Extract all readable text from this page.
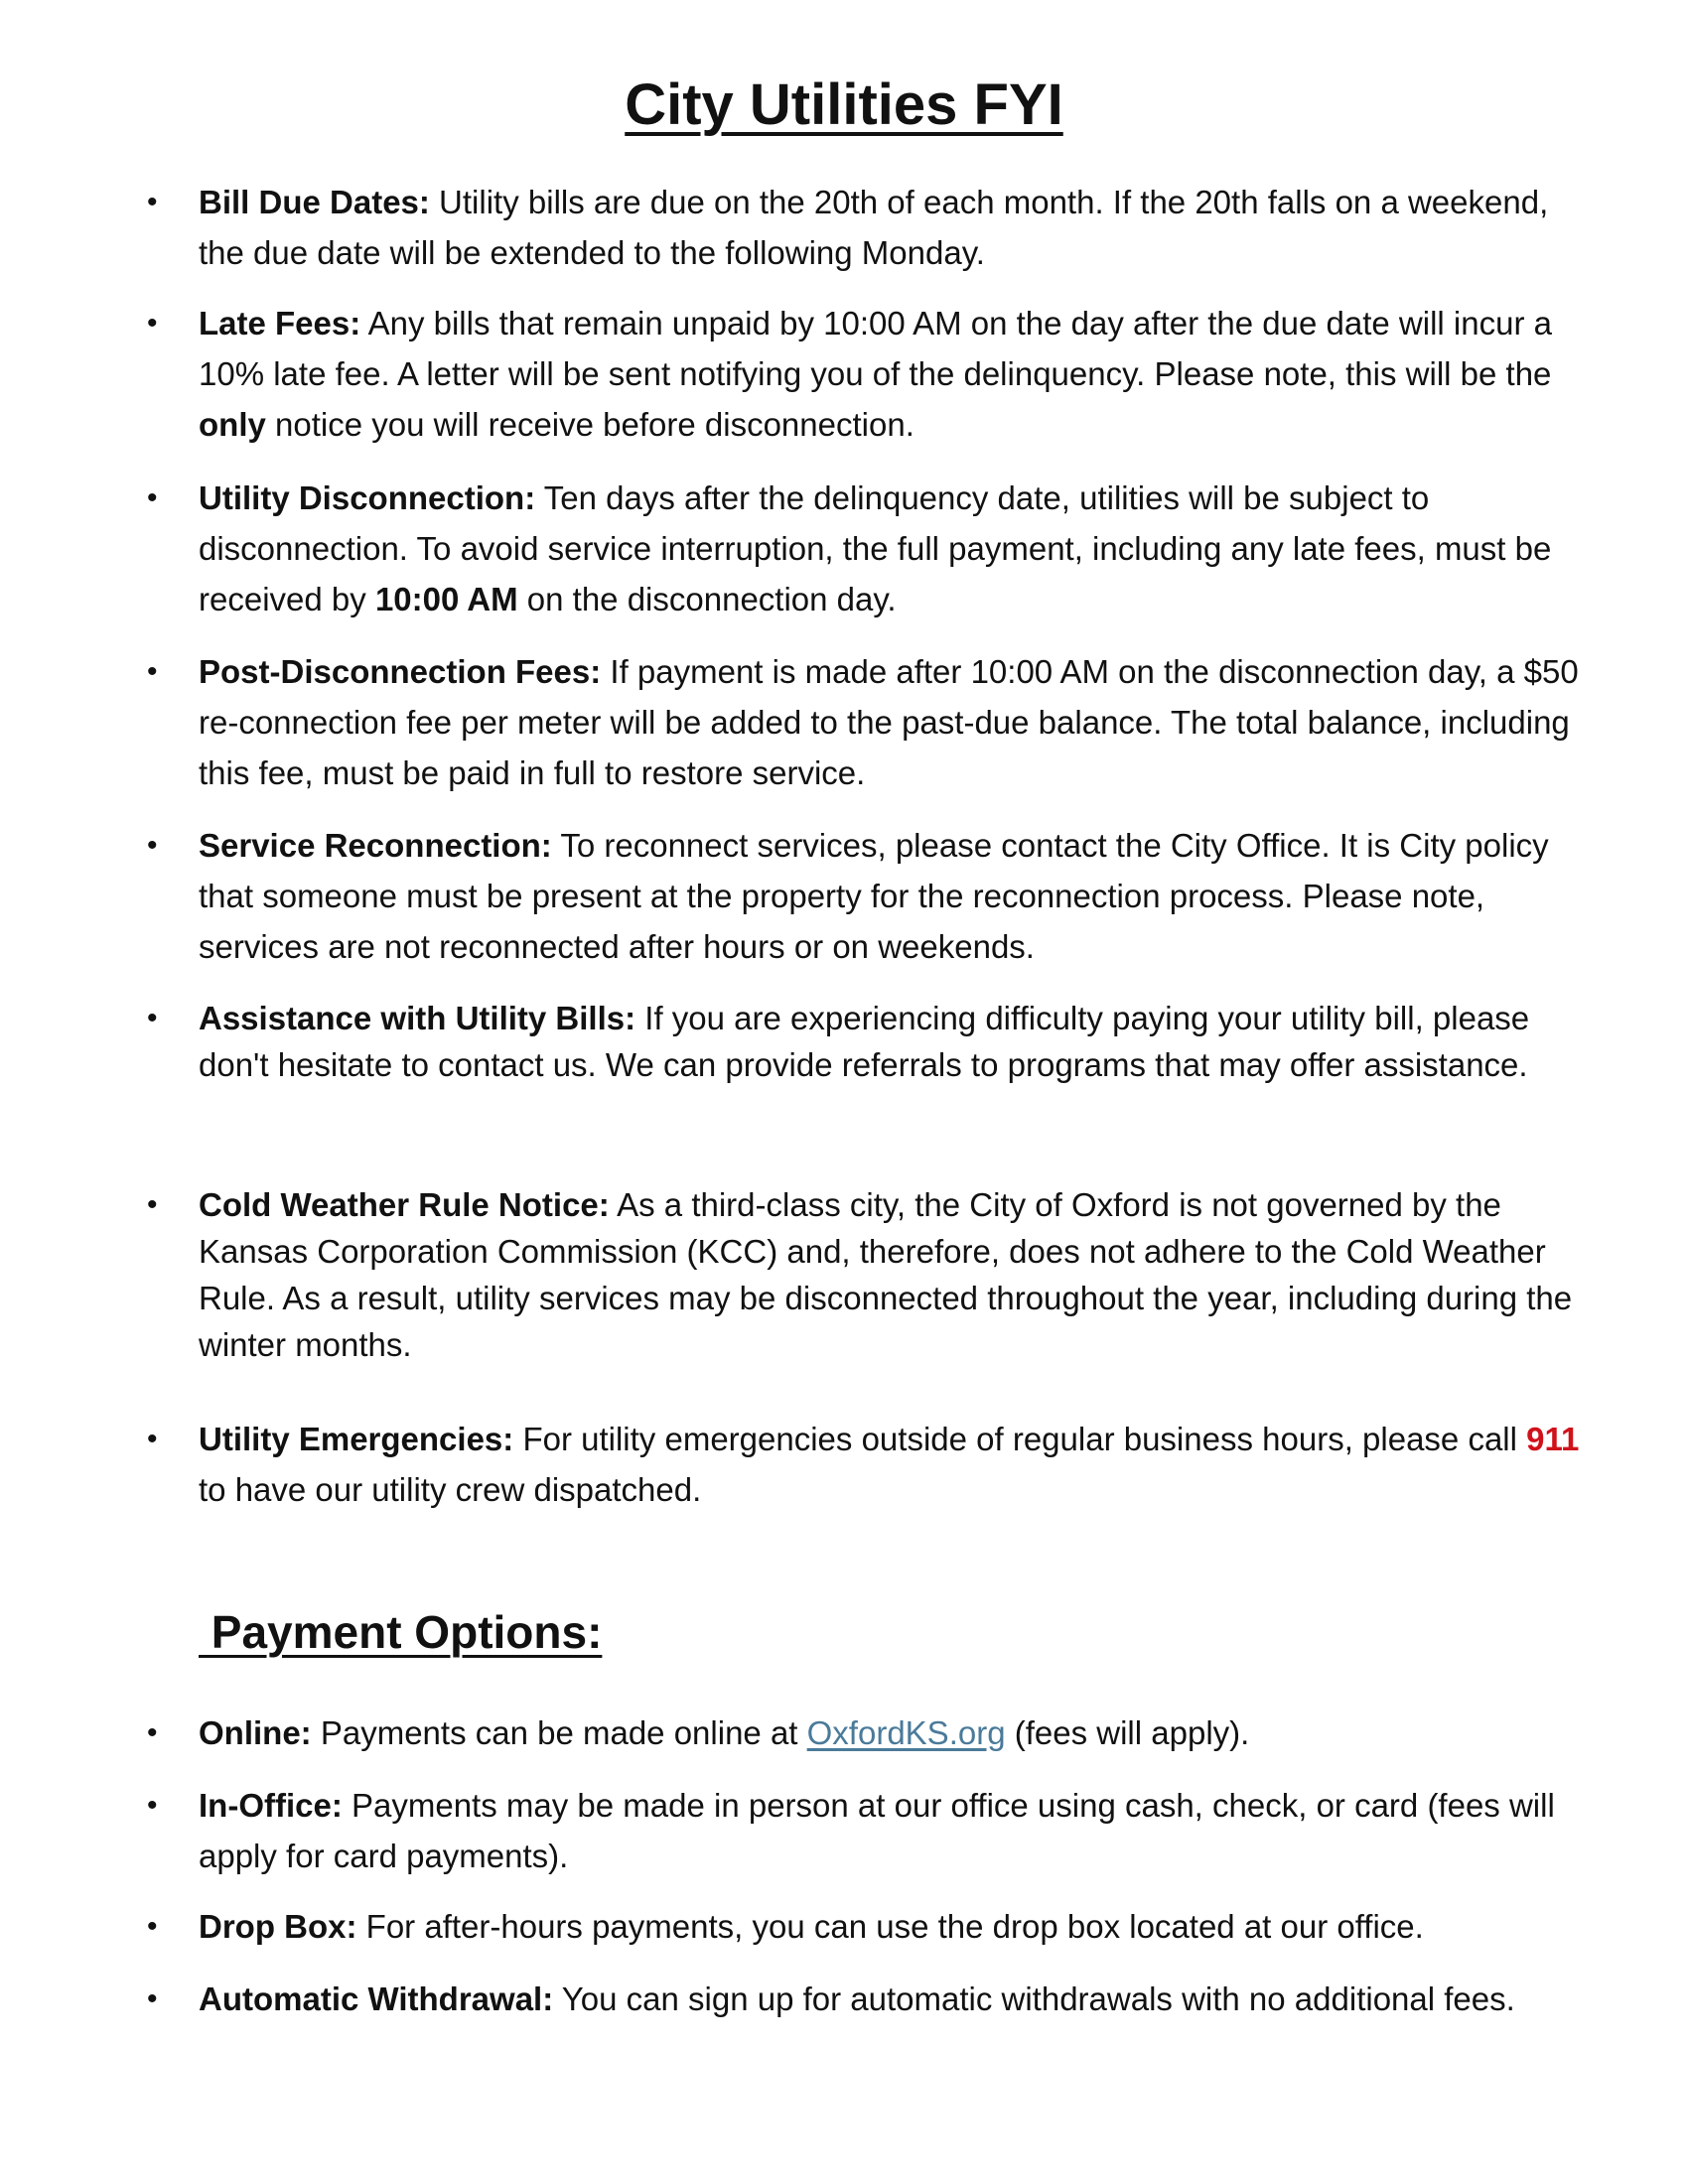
City Utilities FYI

• Bill Due Dates: Utility bills are due on the 20th of each month. If the 20th falls on a weekend, the due date will be extended to the following Monday.

• Late Fees: Any bills that remain unpaid by 10:00 AM on the day after the due date will incur a 10% late fee. A letter will be sent notifying you of the delinquency. Please note, this will be the only notice you will receive before disconnection.

• Utility Disconnection: Ten days after the delinquency date, utilities will be subject to disconnection. To avoid service interruption, the full payment, including any late fees, must be received by 10:00 AM on the disconnection day.

• Post-Disconnection Fees: If payment is made after 10:00 AM on the disconnection day, a $50 re-connection fee per meter will be added to the past-due balance. The total balance, including this fee, must be paid in full to restore service.

• Service Reconnection: To reconnect services, please contact the City Office. It is City policy that someone must be present at the property for the reconnection process. Please note, services are not reconnected after hours or on weekends.

• Assistance with Utility Bills: If you are experiencing difficulty paying your utility bill, please don't hesitate to contact us. We can provide referrals to programs that may offer assistance.

• Cold Weather Rule Notice: As a third-class city, the City of Oxford is not governed by the Kansas Corporation Commission (KCC) and, therefore, does not adhere to the Cold Weather Rule. As a result, utility services may be disconnected throughout the year, including during the winter months.

• Utility Emergencies: For utility emergencies outside of regular business hours, please call 911 to have our utility crew dispatched.

Payment Options:

• Online: Payments can be made online at OxfordKS.org (fees will apply).

• In-Office: Payments may be made in person at our office using cash, check, or card (fees will apply for card payments).

• Drop Box: For after-hours payments, you can use the drop box located at our office.

• Automatic Withdrawal: You can sign up for automatic withdrawals with no additional fees.
